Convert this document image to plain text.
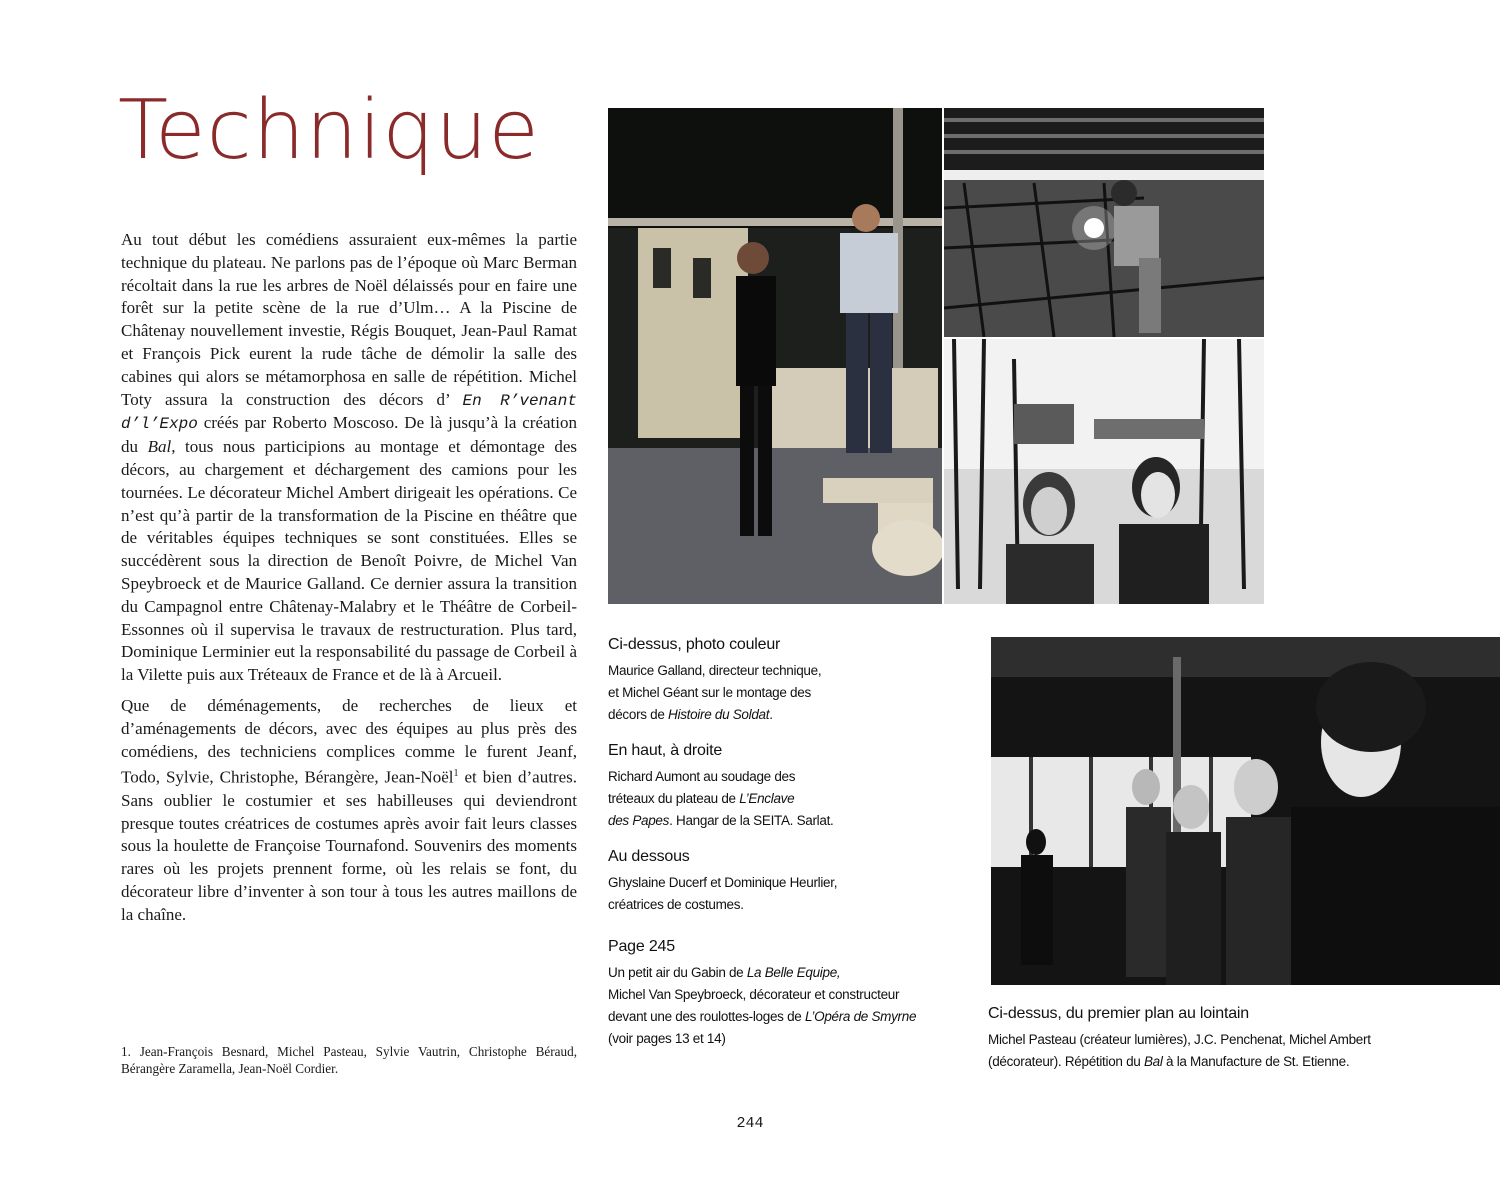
Technique

Au tout début les comédiens assuraient eux-mêmes la partie technique du plateau. Ne parlons pas de l’époque où Marc Berman récoltait dans la rue les arbres de Noël délaissés pour en faire une forêt sur la petite scène de la rue d’Ulm… A la Piscine de Châtenay nouvellement investie, Régis Bouquet, Jean-Paul Ramat et François Pick eurent la rude tâche de démolir la salle des cabines qui alors se métamorphosa en salle de répétition. Michel Toty assura la construction des décors d’ En R’venant d’l’Expo créés par Roberto Moscoso. De là jusqu’à la création du Bal, tous nous participions au montage et démontage des décors, au chargement et déchargement des camions pour les tournées. Le décorateur Michel Ambert dirigeait les opérations. Ce n’est qu’à partir de la transformation de la Piscine en théâtre que de véritables équipes techniques se sont constituées. Elles se succédèrent sous la direction de Benoît Poivre, de Michel Van Speybroeck et de Maurice Galland. Ce dernier assura la transition du Campagnol entre Châtenay-Malabry et le Théâtre de Corbeil-Essonnes où il supervisa le travaux de restructuration. Plus tard, Dominique Lerminier eut la responsabilité du passage de Corbeil à la Vilette puis aux Tréteaux de France et de là à Arcueil.

Que de déménagements, de recherches de lieux et d’aménagements de décors, avec des équipes au plus près des comédiens, des techniciens complices comme le furent Jeanf, Todo, Sylvie, Christophe, Bérangère, Jean-Noël$^1$ et bien d’autres. Sans oublier le costumier et ses habilleuses qui deviendront presque toutes créatrices de costumes après avoir fait leurs classes sous la houlette de Françoise Tournafond. Souvenirs des moments rares où les projets prennent forme, où les relais se font, du décorateur libre d’inventer à son tour à tous les autres maillons de la chaîne.

1. Jean-François Besnard, Michel Pasteau, Sylvie Vautrin, Christophe Béraud, Bérangère Zaramella, Jean-Noël Cordier.

Ci-dessus, photo couleur

Maurice Galland, directeur technique,

et Michel Géant sur le montage des

décors de Histoire du Soldat.

En haut, à droite

Richard Aumont au soudage des

tréteaux du plateau de L’Enclave

des Papes. Hangar de la SEITA. Sarlat.

Au dessous

Ghyslaine Ducerf et Dominique Heurlier,

créatrices de costumes.

Page 245

Un petit air du Gabin de La Belle Equipe,

Michel Van Speybroeck, décorateur et constructeur

devant une des roulottes-loges de L’Opéra de Smyrne

(voir pages 13 et 14)

Ci-dessus, du premier plan au lointain

Michel Pasteau (créateur lumières), J.C. Penchenat, Michel Ambert

(décorateur). Répétition du Bal à la Manufacture de St. Etienne.

244
